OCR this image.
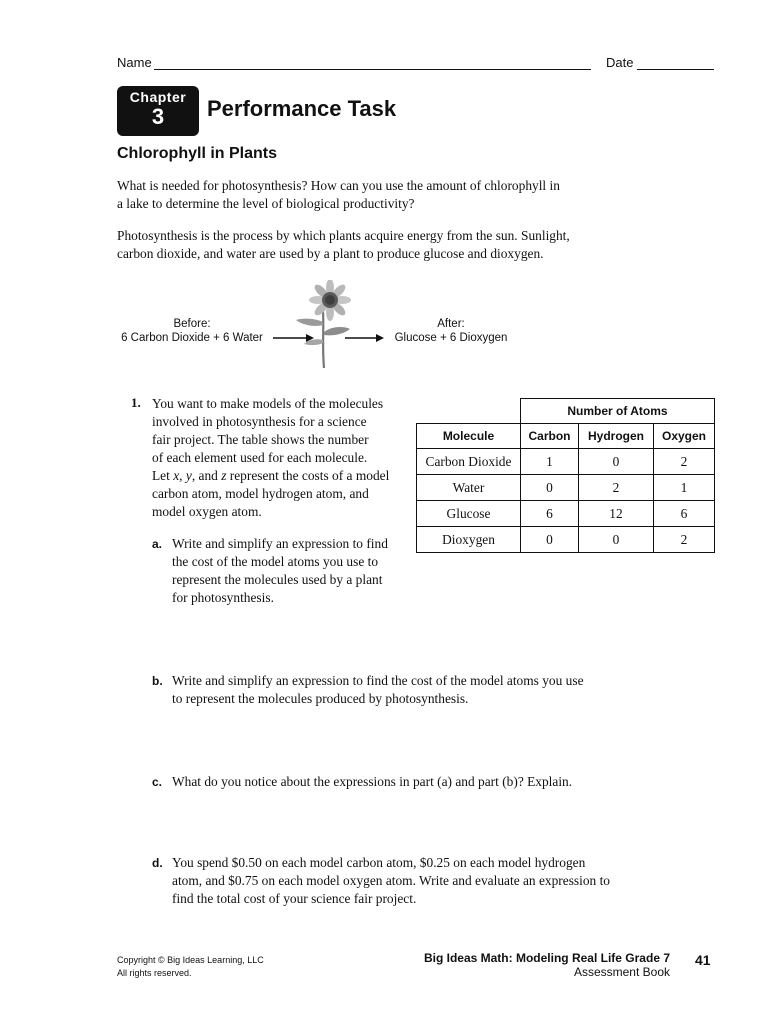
Name	Date
Chapter
3	Performance Task
Chlorophyll in Plants
What is needed for photosynthesis? How can you use the amount of chlorophyll in
a lake to determine the level of biological productivity?
Photosynthesis is the process by which plants acquire energy from the sun. Sunlight,
carbon dioxide, and water are used by a plant to produce glucose and dioxygen.
Before:
6 Carbon Dioxide + 6 Water
After:
Glucose + 6 Dioxygen
1. You want to make models of the molecules
involved in photosynthesis for a science
fair project. The table shows the number
of each element used for each molecule.
Let x, y, and z represent the costs of a model
carbon atom, model hydrogen atom, and
model oxygen atom.
a. Write and simplify an expression to find
the cost of the model atoms you use to
represent the molecules used by a plant
for photosynthesis.
b. Write and simplify an expression to find the cost of the model atoms you use
to represent the molecules produced by photosynthesis.
c. What do you notice about the expressions in part (a) and part (b)? Explain.
d. You spend $0.50 on each model carbon atom, $0.25 on each model hydrogen
atom, and $0.75 on each model oxygen atom. Write and evaluate an expression to
find the total cost of your science fair project.
	Number of Atoms		
Molecule	Carbon	Hydrogen	Oxygen
Carbon Dioxide	1	0	2
Water	0	2	1
Glucose	6	12	6
Dioxygen	0	0	2
Copyright © Big Ideas Learning, LLC
All rights reserved.
Big Ideas Math: Modeling Real Life Grade 7
Assessment Book
41
